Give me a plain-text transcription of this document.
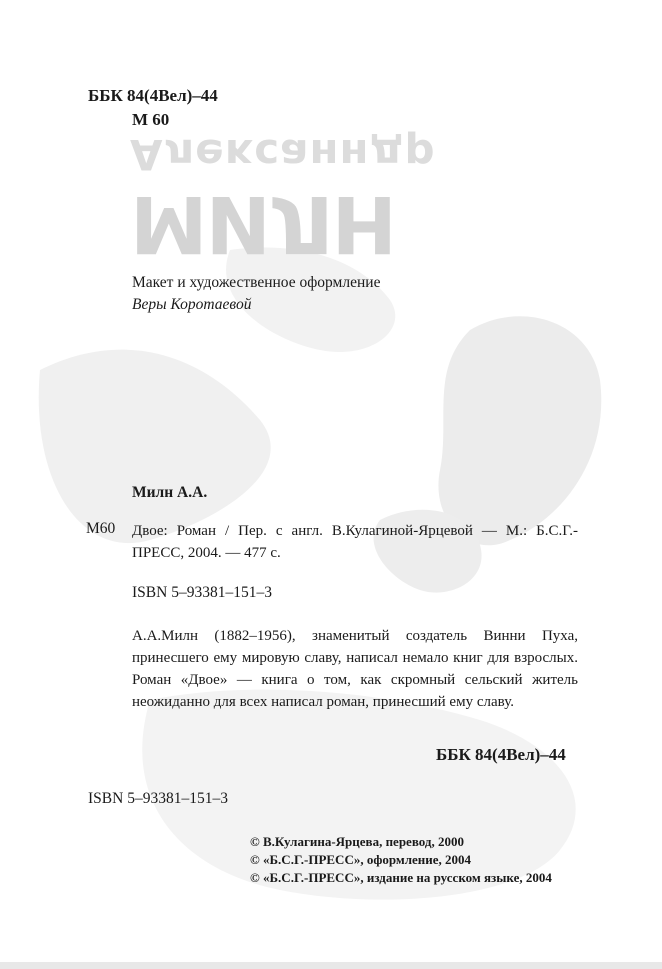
Алексанндр
МИЛН
ББК 84(4Вел)–44
М 60
Макет и художественное оформление
Веры Коротаевой
Милн А.А.
М60 Двое: Роман / Пер. с англ. В.Кулагиной-Ярцевой — М.: Б.С.Г.-ПРЕСС, 2004. — 477 с.
ISBN 5–93381–151–3
А.А.Милн (1882–1956), знаменитый создатель Винни Пуха, принесшего ему мировую славу, написал немало книг для взрослых. Роман «Двое» — книга о том, как скромный сельский житель неожиданно для всех написал роман, принесший ему славу.
ББК 84(4Вел)–44
ISBN 5–93381–151–3
© В.Кулагина-Ярцева, перевод, 2000
© «Б.С.Г.-ПРЕСС», оформление, 2004
© «Б.С.Г.-ПРЕСС», издание на русском языке, 2004
